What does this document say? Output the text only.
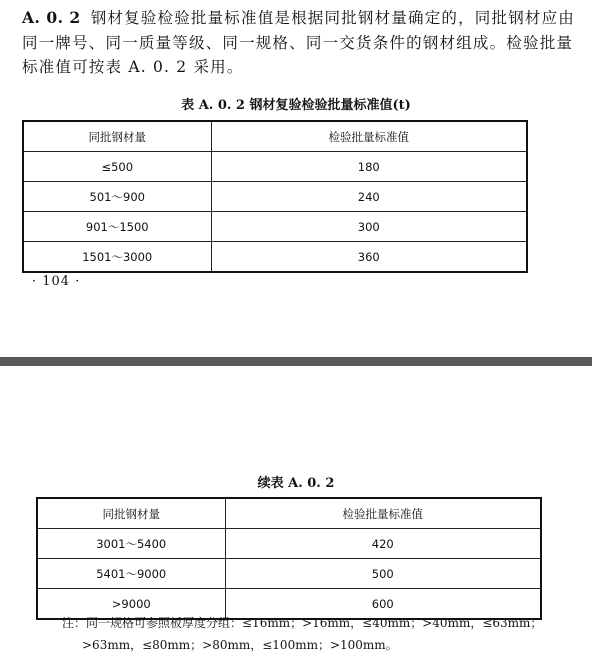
A. 0. 2 钢材复验检验批量标准值是根据同批钢材量确定的，同批钢材应由同一牌号、同一质量等级、同一规格、同一交货条件的钢材组成。检验批量标准值可按表 A. 0. 2 采用。
表 A. 0. 2 钢材复验检验批量标准值(t)
同批钢材量	检验批量标准值
≤500	180
501～900	240
901～1500	300
1501～3000	360
· 104 ·
续表 A. 0. 2
同批钢材量	检验批量标准值
3001～5400	420
5401～9000	500
>9000	600
注：同一规格可参照板厚度分组：≤16mm；>16mm，≤40mm；>40mm，≤63mm；
>63mm，≤80mm；>80mm，≤100mm；>100mm。
